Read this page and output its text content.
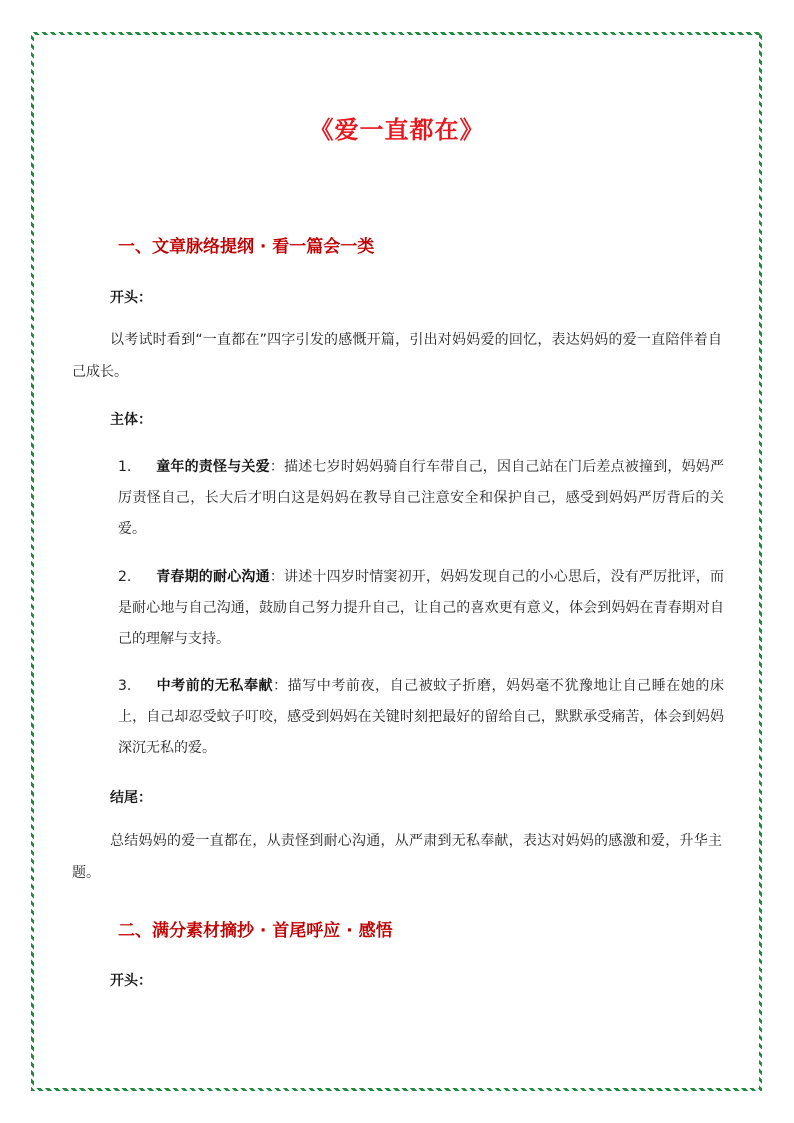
《爱一直都在》
一、文章脉络提纲 · 看一篇会一类
开头：
以考试时看到“一直都在”四字引发的感慨开篇，引出对妈妈爱的回忆，表达妈妈的爱一直陪伴着自己成长。
主体：
1. 童年的责怪与关爱：描述七岁时妈妈骑自行车带自己，因自己站在门后差点被撞到，妈妈严厉责怪自己，长大后才明白这是妈妈在教导自己注意安全和保护自己，感受到妈妈严厉背后的关爱。
2. 青春期的耐心沟通：讲述十四岁时情窦初开，妈妈发现自己的小心思后，没有严厉批评，而是耐心地与自己沟通，鼓励自己努力提升自己，让自己的喜欢更有意义，体会到妈妈在青春期对自己的理解与支持。
3. 中考前的无私奉献：描写中考前夜，自己被蚊子折磨，妈妈毫不犹豫地让自己睡在她的床上，自己却忍受蚊子叮咬，感受到妈妈在关键时刻把最好的留给自己，默默承受痛苦，体会到妈妈深沉无私的爱。
结尾：
总结妈妈的爱一直都在，从责怪到耐心沟通，从严肃到无私奉献，表达对妈妈的感激和爱，升华主题。
二、满分素材摘抄 · 首尾呼应 · 感悟
开头：
